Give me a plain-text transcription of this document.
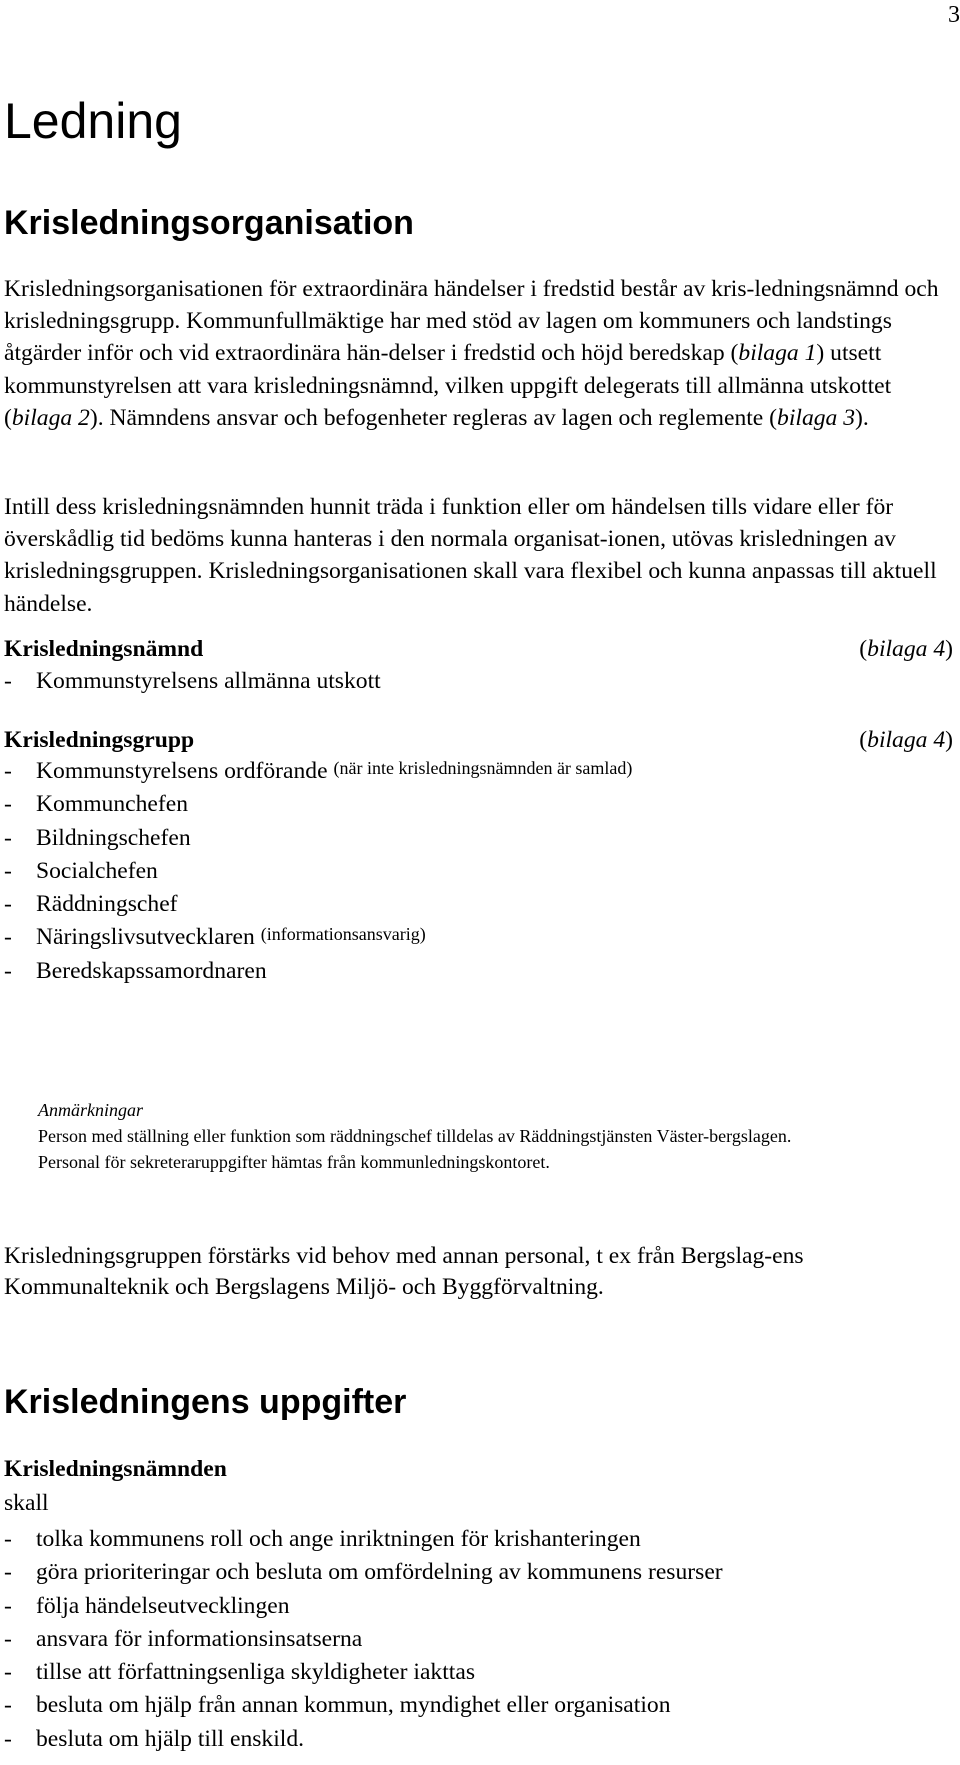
3
Ledning
Krisledningsorganisation
Krisledningsorganisationen för extraordinära händelser i fredstid består av kris-ledningsnämnd och krisledningsgrupp. Kommunfullmäktige har med stöd av lagen om kommuners och landstings åtgärder inför och vid extraordinära hän-delser i fredstid och höjd beredskap (bilaga 1) utsett kommunstyrelsen att vara krisledningsnämnd, vilken uppgift delegerats till allmänna utskottet (bilaga 2). Nämndens ansvar och befogenheter regleras av lagen och reglemente (bilaga 3).
Intill dess krisledningsnämnden hunnit träda i funktion eller om händelsen tills vidare eller för överskådlig tid bedöms kunna hanteras i den normala organisat-ionen, utövas krisledningen av krisledningsgruppen. Krisledningsorganisationen skall vara flexibel och kunna anpassas till aktuell händelse.
Krisledningsnämnd	(bilaga 4)
-	Kommunstyrelsens allmänna utskott
Krisledningsgrupp	(bilaga 4)
-	Kommunstyrelsens ordförande
(när inte krisledningsnämnden är samlad)
-	Kommunchefen
-	Bildningschefen
-	Socialchefen
-	Räddningschef
-	Näringslivsutvecklaren
(informationsansvarig)
-	Beredskapssamordnaren
Anmärkningar
Person med ställning eller funktion som räddningschef tilldelas av Räddningstjänsten Väster-bergslagen.
Personal för sekreteraruppgifter hämtas från kommunledningskontoret.
Krisledningsgruppen förstärks vid behov med annan personal, t ex från Bergslag-ens Kommunalteknik och Bergslagens Miljö- och Byggförvaltning.
Krisledningens uppgifter
Krisledningsnämnden
skall
-	tolka kommunens roll och ange inriktningen för krishanteringen
-	göra prioriteringar och besluta om omfördelning av kommunens resurser
-	följa händelseutvecklingen
-	ansvara för informationsinsatserna
-	tillse att författningsenliga skyldigheter iakttas
-	besluta om hjälp från annan kommun, myndighet eller organisation
-	besluta om hjälp till enskild.
